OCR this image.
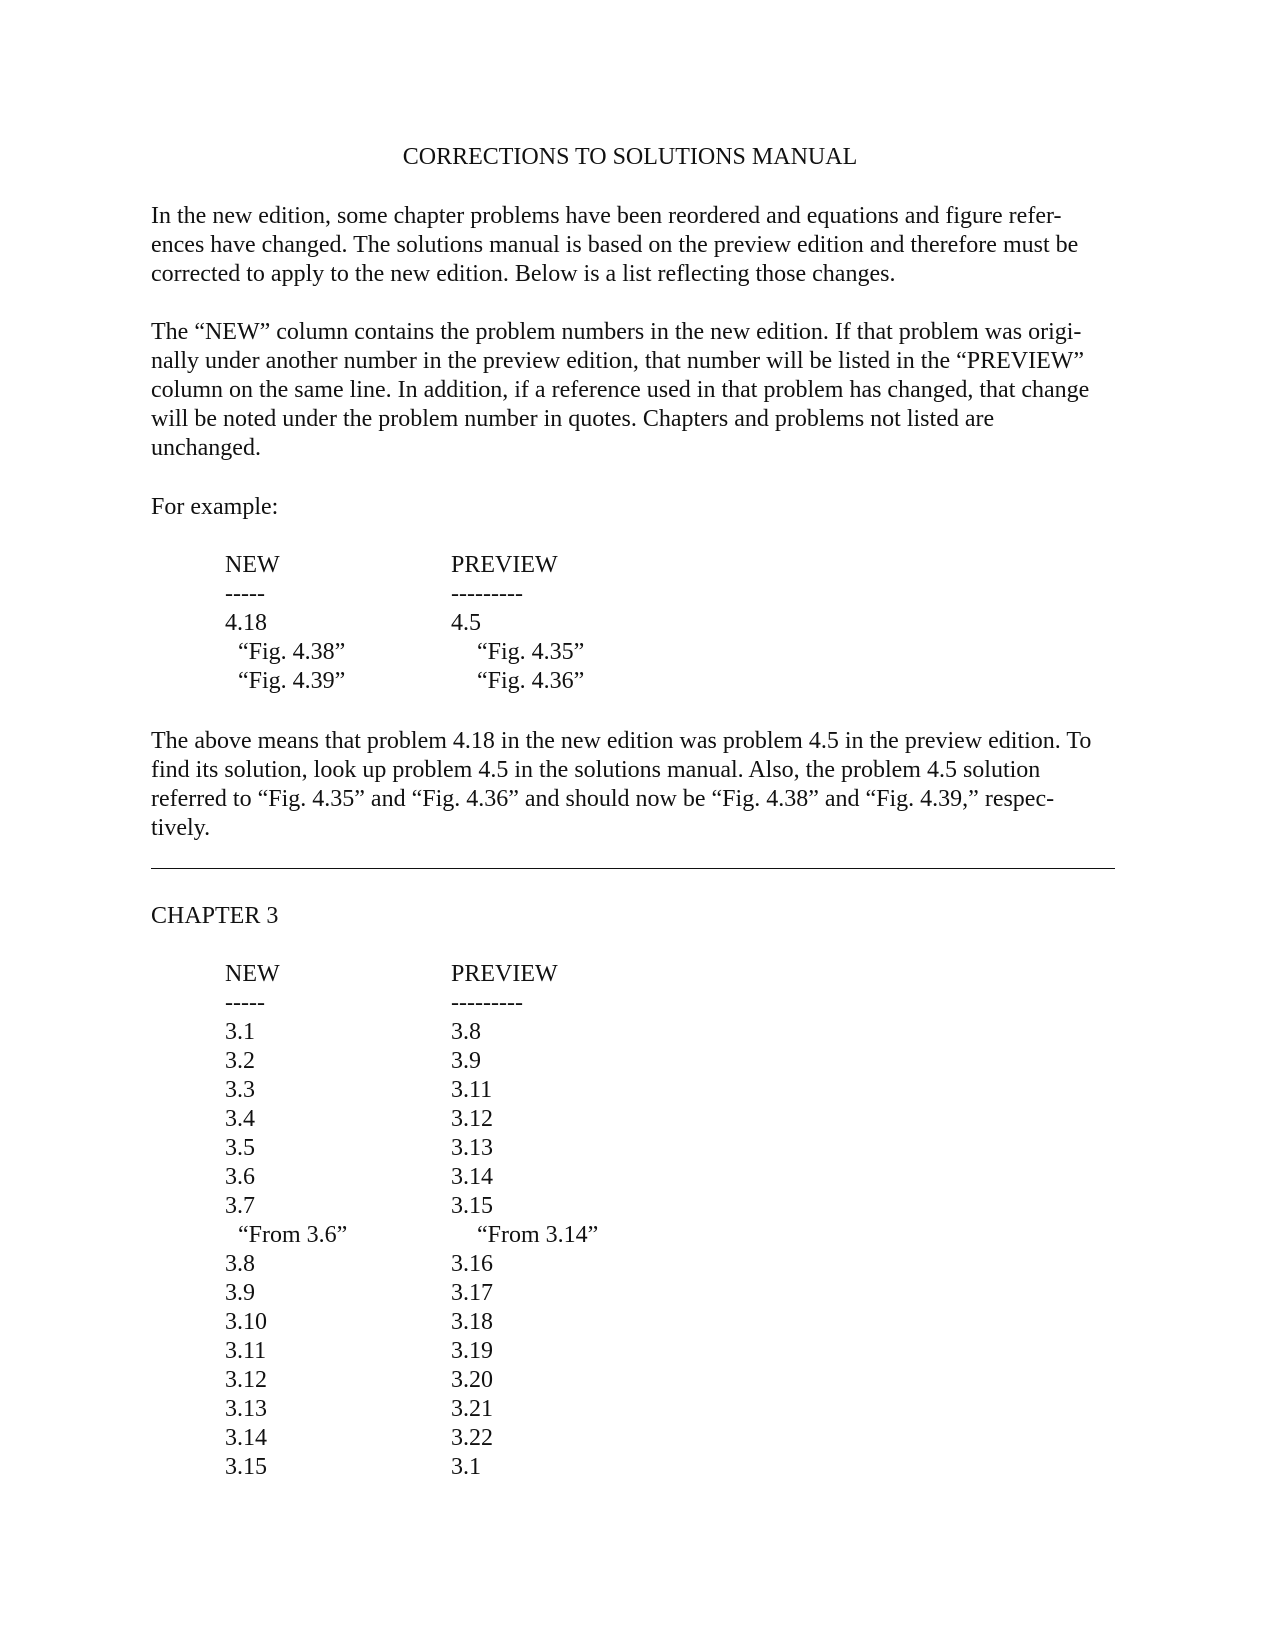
CORRECTIONS TO SOLUTIONS MANUAL

In the new edition, some chapter problems have been reordered and equations and figure refer-
ences have changed. The solutions manual is based on the preview edition and therefore must be
corrected to apply to the new edition. Below is a list reflecting those changes.

The “NEW” column contains the problem numbers in the new edition. If that problem was origi-
nally under another number in the preview edition, that number will be listed in the “PREVIEW”
column on the same line. In addition, if a reference used in that problem has changed, that change
will be noted under the problem number in quotes. Chapters and problems not listed are
unchanged.

For example:

NEW	PREVIEW
-----	---------
4.18	4.5
“Fig. 4.38”	“Fig. 4.35”
“Fig. 4.39”	“Fig. 4.36”

The above means that problem 4.18 in the new edition was problem 4.5 in the preview edition. To
find its solution, look up problem 4.5 in the solutions manual. Also, the problem 4.5 solution
referred to “Fig. 4.35” and “Fig. 4.36” and should now be “Fig. 4.38” and “Fig. 4.39,” respec-
tively.

CHAPTER 3
NEW	PREVIEW
-----	---------
3.1	3.8
3.2	3.9
3.3	3.11
3.4	3.12
3.5	3.13
3.6	3.14
3.7	3.15
“From 3.6”	“From 3.14”
3.8	3.16
3.9	3.17
3.10	3.18
3.11	3.19
3.12	3.20
3.13	3.21
3.14	3.22
3.15	3.1
